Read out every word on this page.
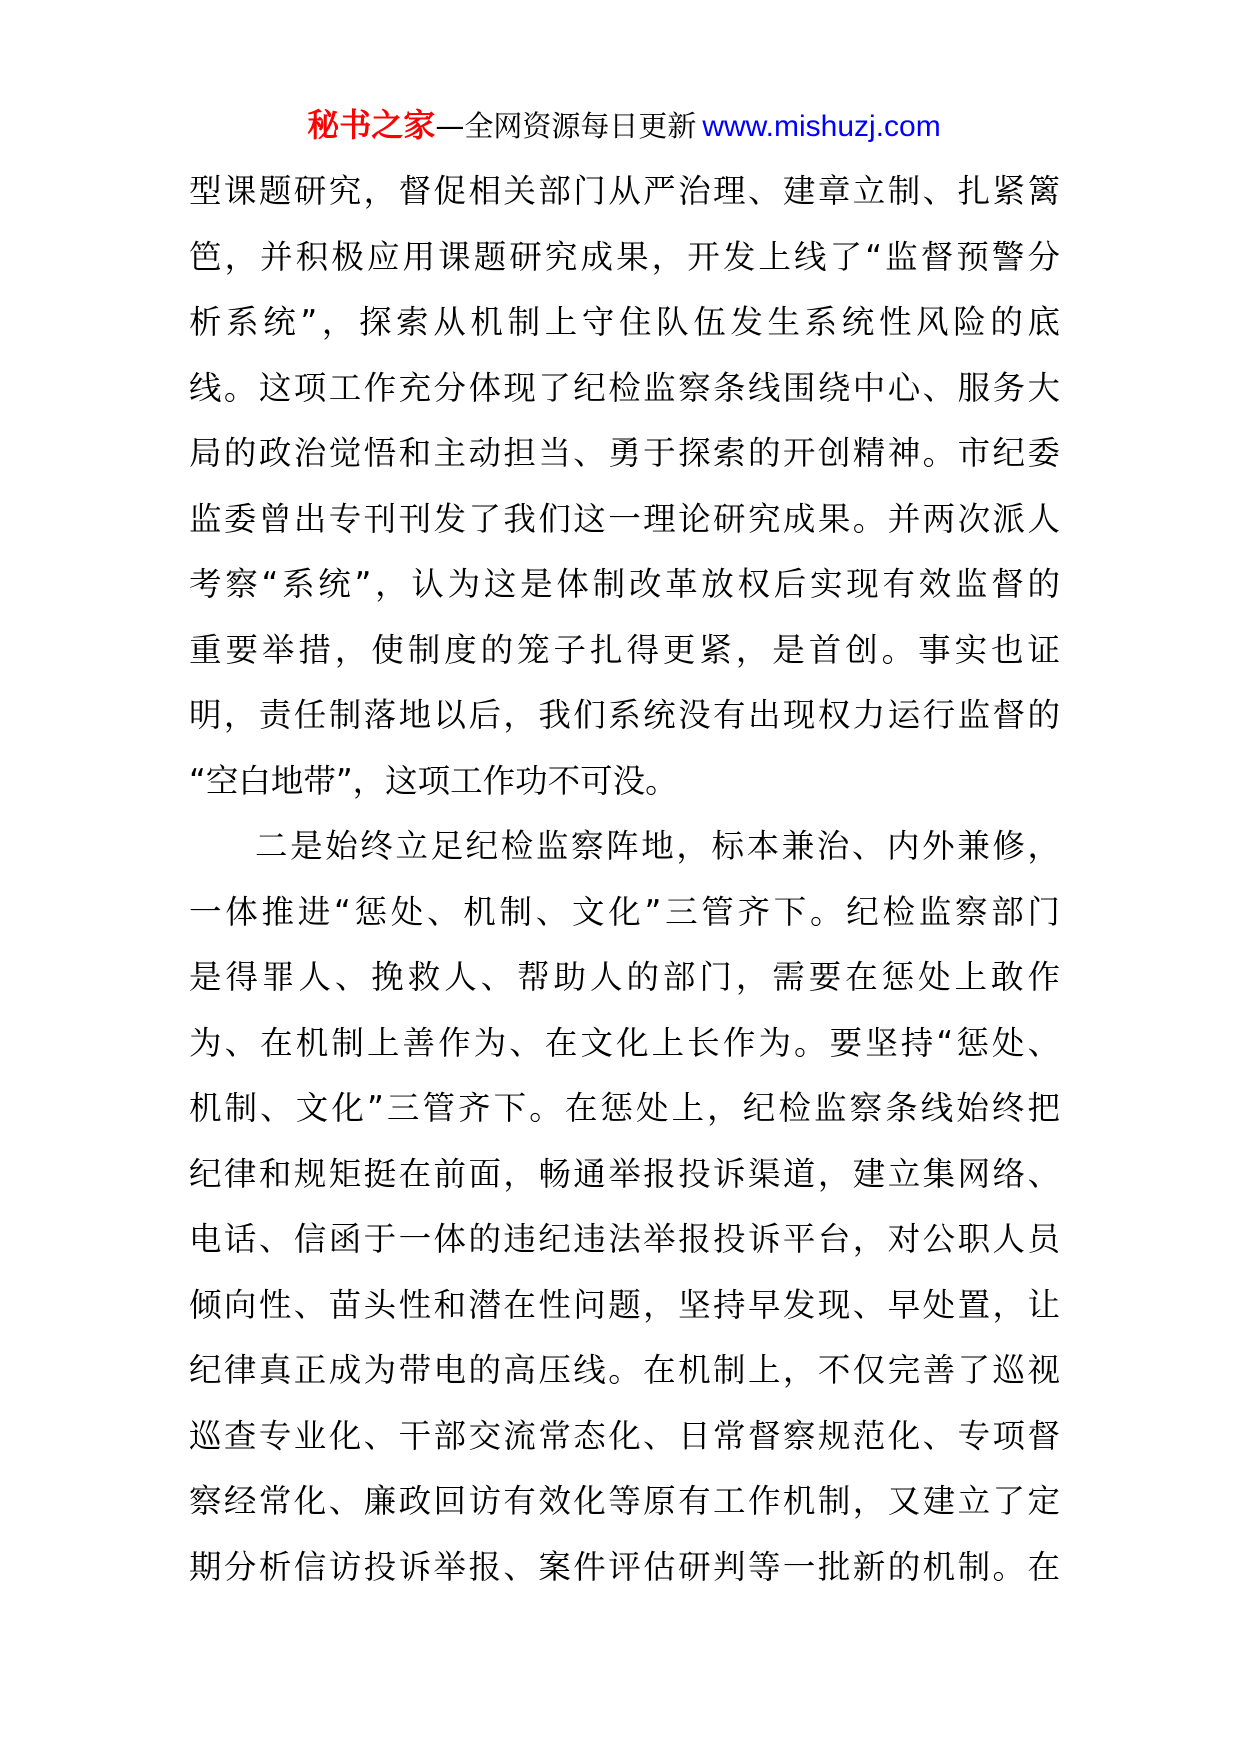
秘书之家—全网资源每日更新 www.mishuzj.com
型课题研究，督促相关部门从严治理、建章立制、扎紧篱
笆，并积极应用课题研究成果，开发上线了“监督预警分
析系统”，探索从机制上守住队伍发生系统性风险的底
线。这项工作充分体现了纪检监察条线围绕中心、服务大
局的政治觉悟和主动担当、勇于探索的开创精神。市纪委
监委曾出专刊刊发了我们这一理论研究成果。并两次派人
考察“系统”，认为这是体制改革放权后实现有效监督的
重要举措，使制度的笼子扎得更紧，是首创。事实也证
明，责任制落地以后，我们系统没有出现权力运行监督的
“空白地带”，这项工作功不可没。
二是始终立足纪检监察阵地，标本兼治、内外兼修，
一体推进“惩处、机制、文化”三管齐下。纪检监察部门
是得罪人、挽救人、帮助人的部门，需要在惩处上敢作
为、在机制上善作为、在文化上长作为。要坚持“惩处、
机制、文化”三管齐下。在惩处上，纪检监察条线始终把
纪律和规矩挺在前面，畅通举报投诉渠道，建立集网络、
电话、信函于一体的违纪违法举报投诉平台，对公职人员
倾向性、苗头性和潜在性问题，坚持早发现、早处置，让
纪律真正成为带电的高压线。在机制上，不仅完善了巡视
巡查专业化、干部交流常态化、日常督察规范化、专项督
察经常化、廉政回访有效化等原有工作机制，又建立了定
期分析信访投诉举报、案件评估研判等一批新的机制。在
